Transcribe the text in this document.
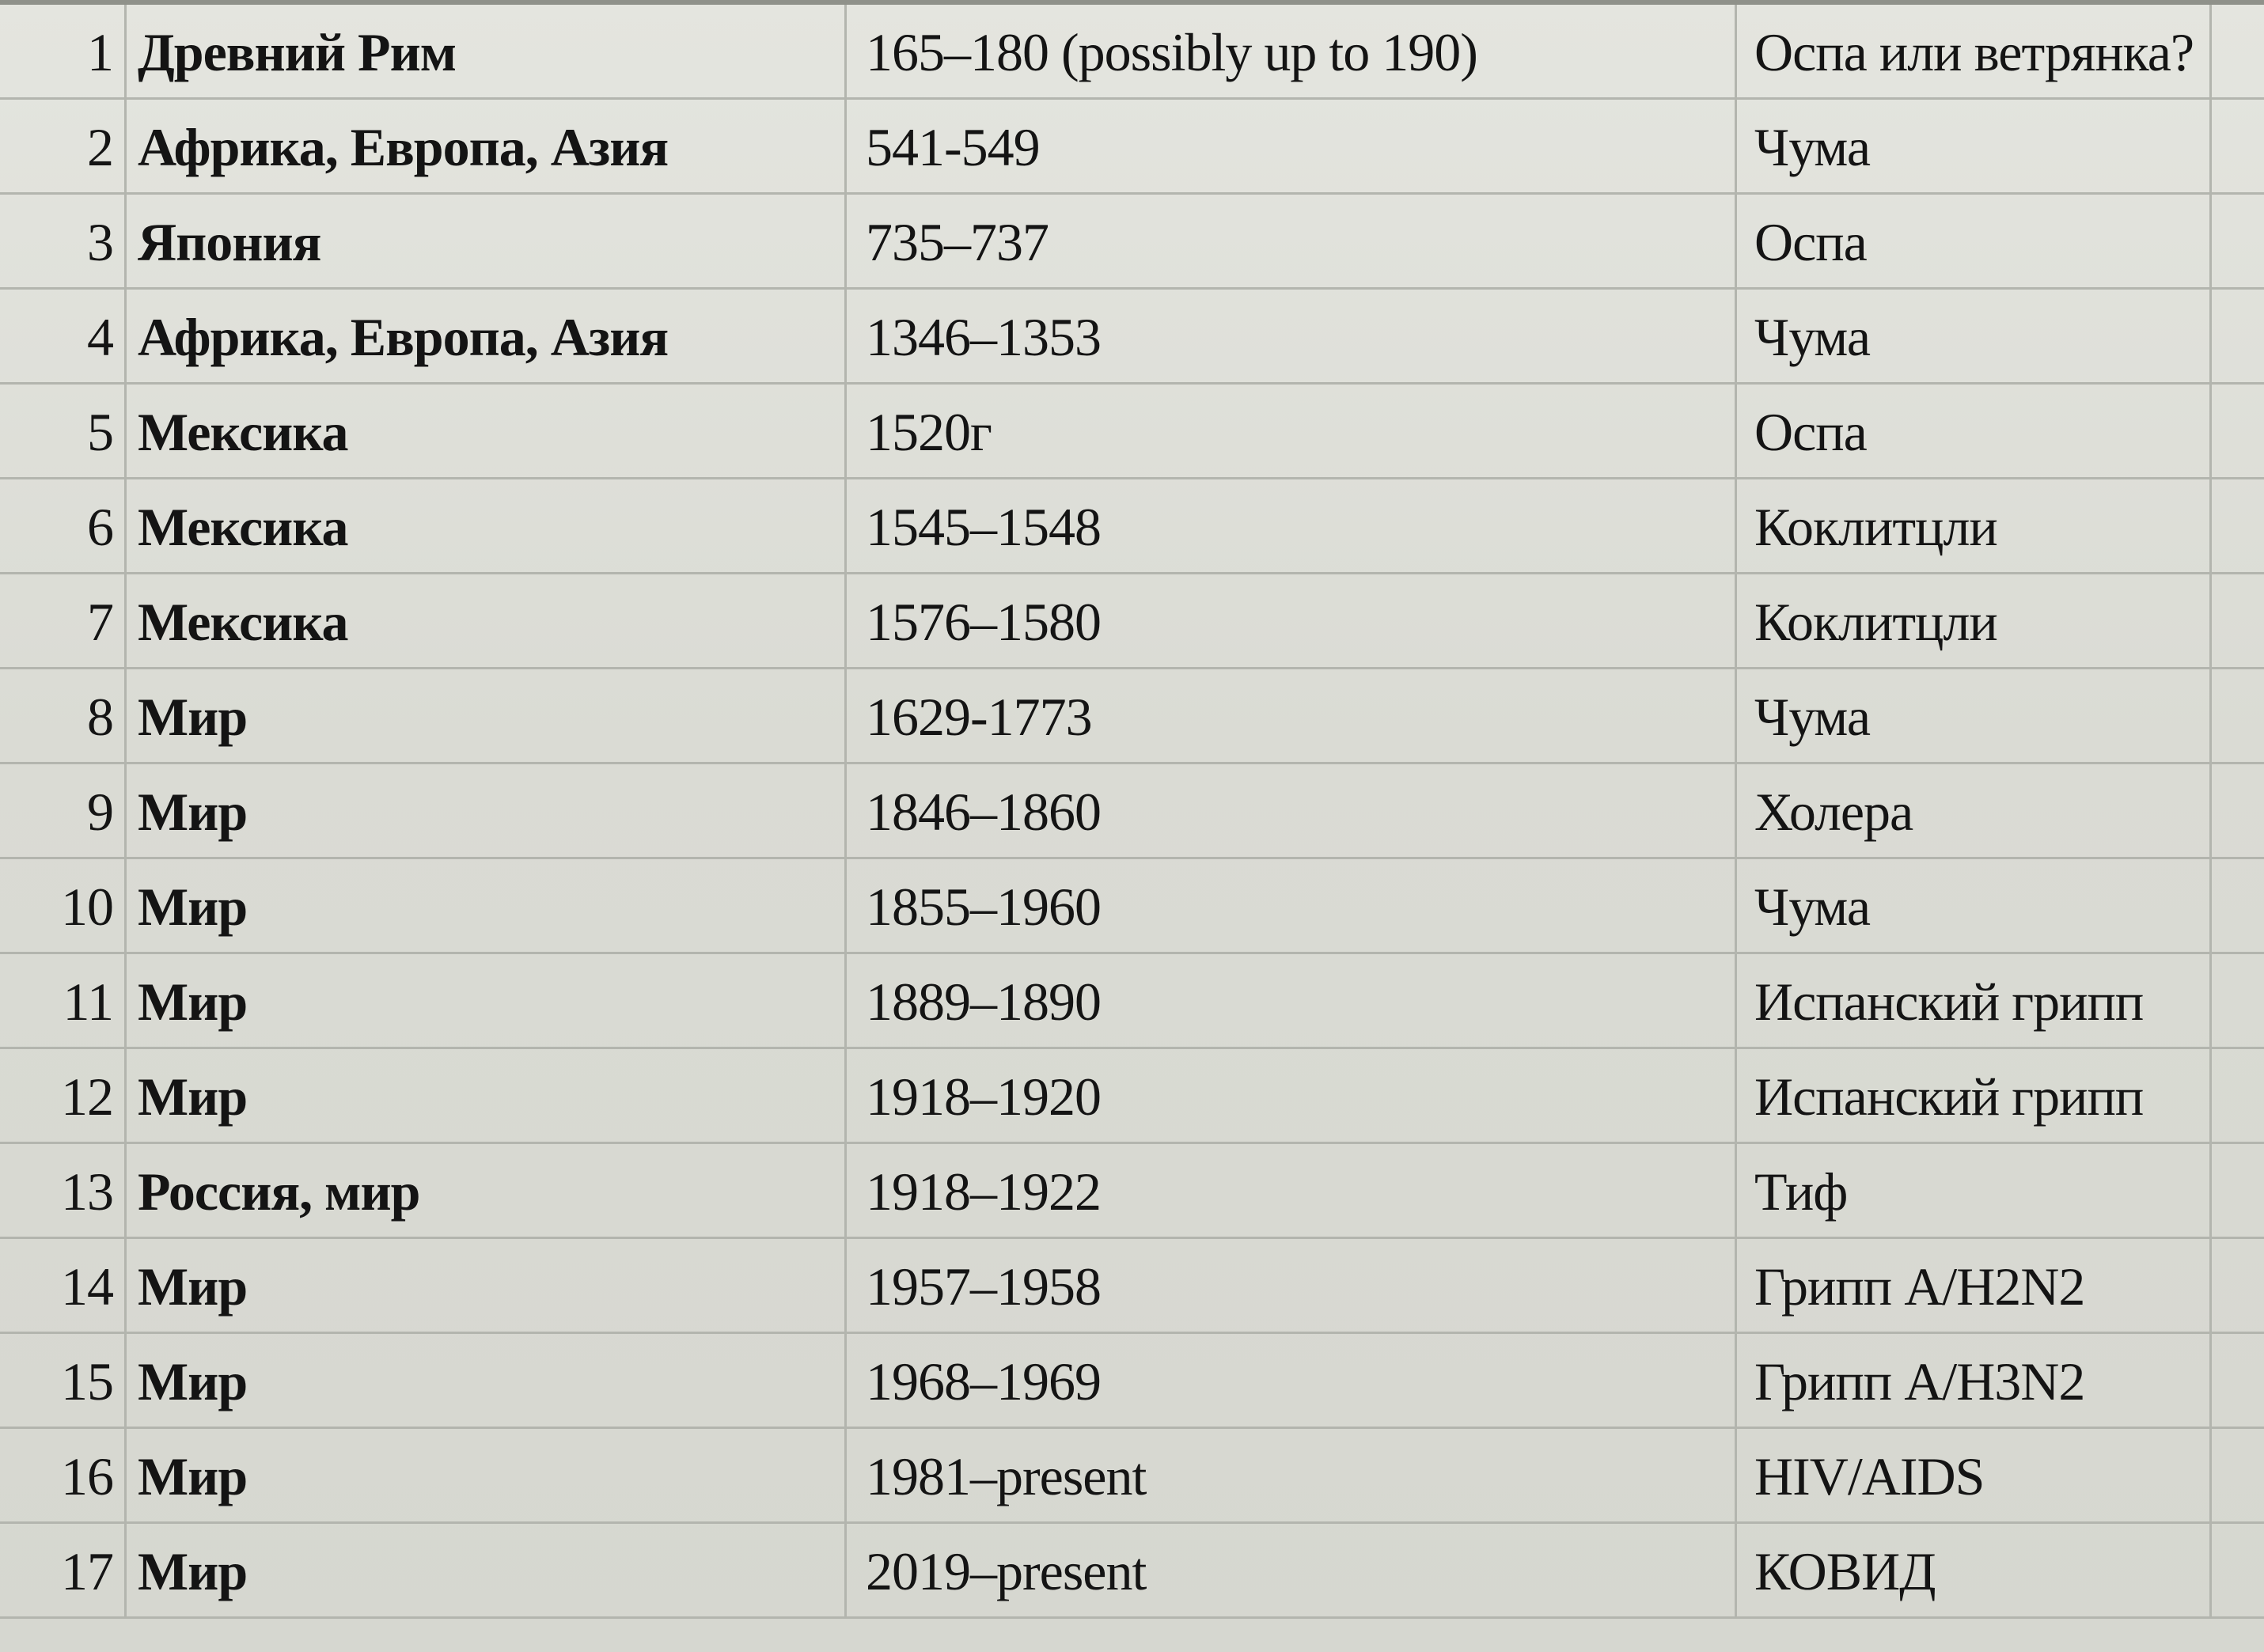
1 Древний Рим	165–180 (possibly up to 190)	Оспа или ветрянка?
2 Африка, Европа, Азия	541-549	Чума
3 Япония	735–737	Оспа
4 Африка, Европа, Азия	1346–1353	Чума
5 Мексика	1520г	Оспа
6 Мексика	1545–1548	Коклитцли
7 Мексика	1576–1580	Коклитцли
8 Мир	1629-1773	Чума
9 Мир	1846–1860	Холера
10 Мир	1855–1960	Чума
11 Мир	1889–1890	Испанский грипп
12 Мир	1918–1920	Испанский грипп
13 Россия, мир	1918–1922	Тиф
14 Мир	1957–1958	Грипп A/H2N2
15 Мир	1968–1969	Грипп A/H3N2
16 Мир	1981–present	HIV/AIDS
17 Мир	2019–present	КОВИД
